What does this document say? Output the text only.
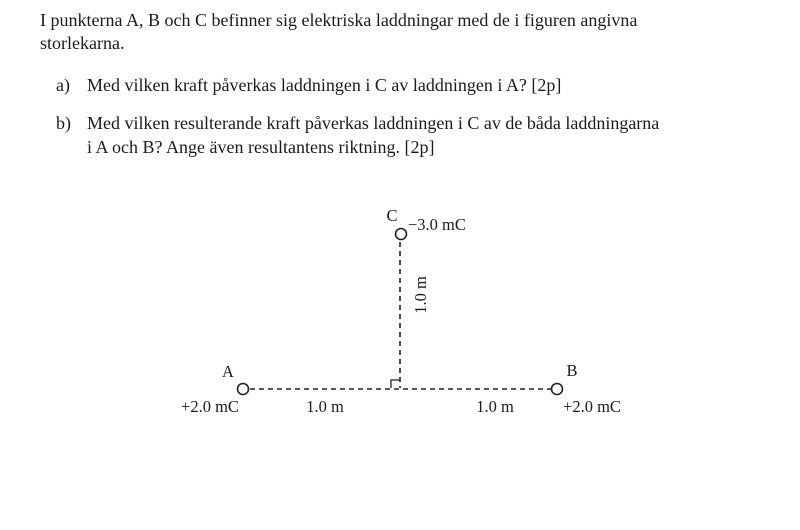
I punkterna A, B och C befinner sig elektriska laddningar med de i figuren angivna
storlekarna.
a) Med vilken kraft påverkas laddningen i C av laddningen i A? [2p]
b) Med vilken resulterande kraft påverkas laddningen i C av de båda laddningarna
i A och B? Ange även resultantens riktning. [2p]
A	B
C −3.0 mC
+2.0 mC	+2.0 mC
1.0 m	1.0 m
1.0 m
